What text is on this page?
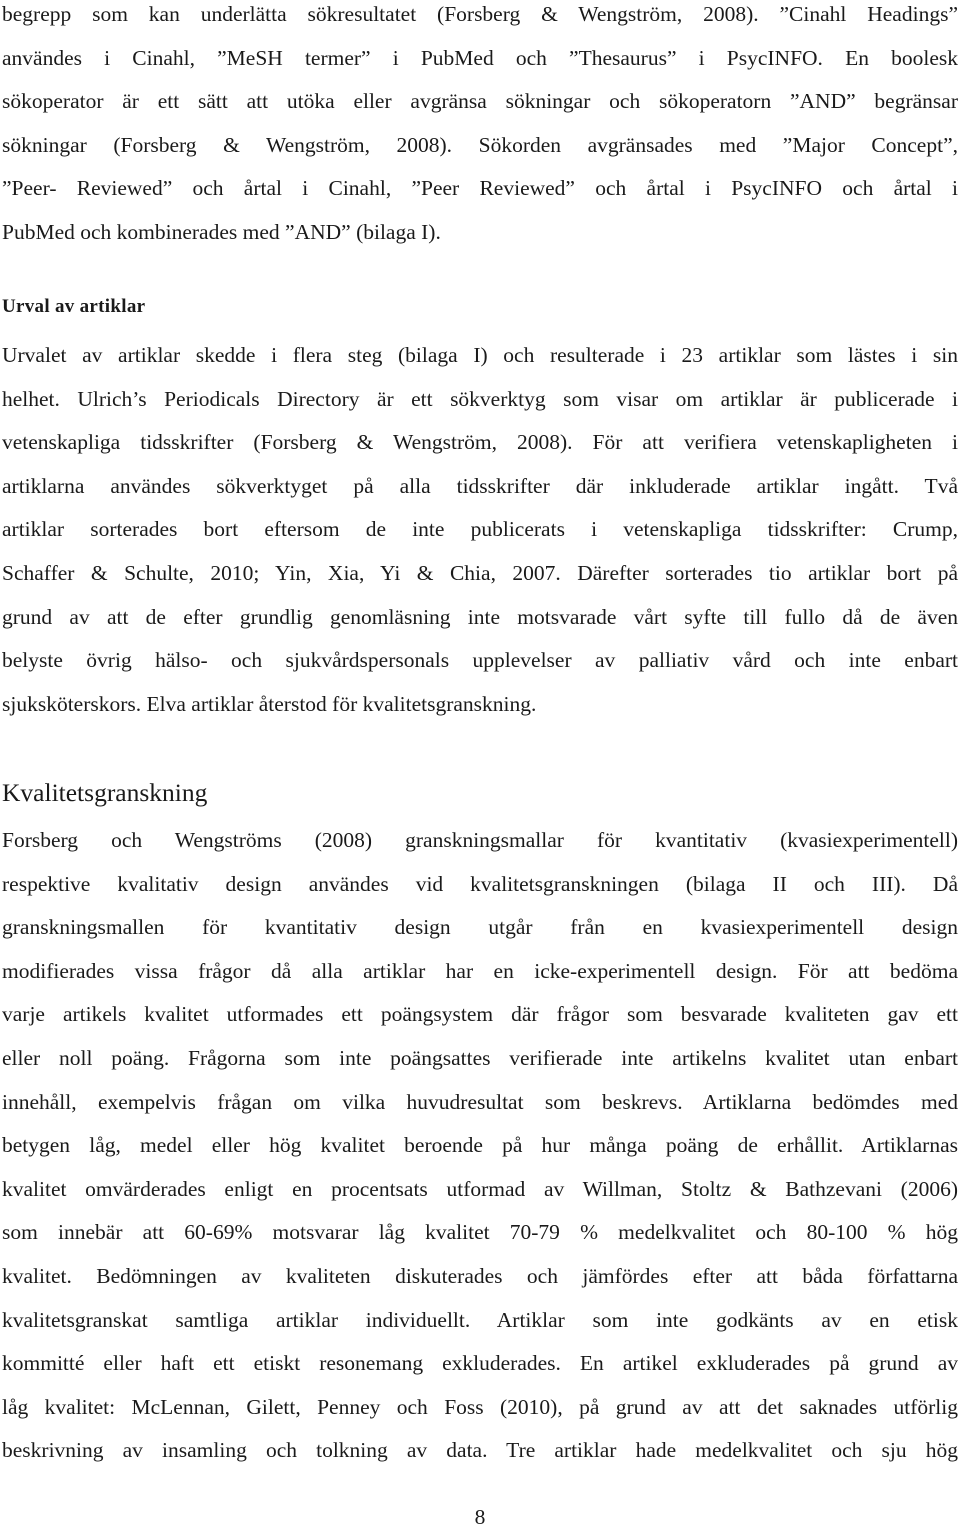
begrepp som kan underlätta sökresultatet (Forsberg & Wengström, 2008). ”Cinahl Headings”
användes i Cinahl, ”MeSH termer” i PubMed och ”Thesaurus” i PsycINFO. En boolesk
sökoperator är ett sätt att utöka eller avgränsa sökningar och sökoperatorn ”AND” begränsar
sökningar (Forsberg & Wengström, 2008). Sökorden avgränsades med ”Major Concept”,
”Peer- Reviewed” och årtal i Cinahl, ”Peer Reviewed” och årtal i PsycINFO och årtal i
PubMed och kombinerades med ”AND” (bilaga I).
Urval av artiklar
Urvalet av artiklar skedde i flera steg (bilaga I) och resulterade i 23 artiklar som lästes i sin
helhet. Ulrich’s Periodicals Directory är ett sökverktyg som visar om artiklar är publicerade i
vetenskapliga tidsskrifter (Forsberg & Wengström, 2008). För att verifiera vetenskapligheten i
artiklarna användes sökverktyget på alla tidsskrifter där inkluderade artiklar ingått. Två
artiklar sorterades bort eftersom de inte publicerats i vetenskapliga tidsskrifter: Crump,
Schaffer & Schulte, 2010; Yin, Xia, Yi & Chia, 2007. Därefter sorterades tio artiklar bort på
grund av att de efter grundlig genomläsning inte motsvarade vårt syfte till fullo då de även
belyste övrig hälso- och sjukvårdspersonals upplevelser av palliativ vård och inte enbart
sjuksköterskors. Elva artiklar återstod för kvalitetsgranskning.
Kvalitetsgranskning
Forsberg och Wengströms (2008) granskningsmallar för kvantitativ (kvasiexperimentell)
respektive kvalitativ design användes vid kvalitetsgranskningen (bilaga II och III). Då
granskningsmallen för kvantitativ design utgår från en kvasiexperimentell design
modifierades vissa frågor då alla artiklar har en icke-experimentell design. För att bedöma
varje artikels kvalitet utformades ett poängsystem där frågor som besvarade kvaliteten gav ett
eller noll poäng. Frågorna som inte poängsattes verifierade inte artikelns kvalitet utan enbart
innehåll, exempelvis frågan om vilka huvudresultat som beskrevs. Artiklarna bedömdes med
betygen låg, medel eller hög kvalitet beroende på hur många poäng de erhållit. Artiklarnas
kvalitet omvärderades enligt en procentsats utformad av Willman, Stoltz & Bathzevani (2006)
som innebär att 60-69% motsvarar låg kvalitet 70-79 % medelkvalitet och 80-100 % hög
kvalitet. Bedömningen av kvaliteten diskuterades och jämfördes efter att båda författarna
kvalitetsgranskat samtliga artiklar individuellt. Artiklar som inte godkänts av en etisk
kommitté eller haft ett etiskt resonemang exkluderades. En artikel exkluderades på grund av
låg kvalitet: McLennan, Gilett, Penney och Foss (2010), på grund av att det saknades utförlig
beskrivning av insamling och tolkning av data. Tre artiklar hade medelkvalitet och sju hög
8
